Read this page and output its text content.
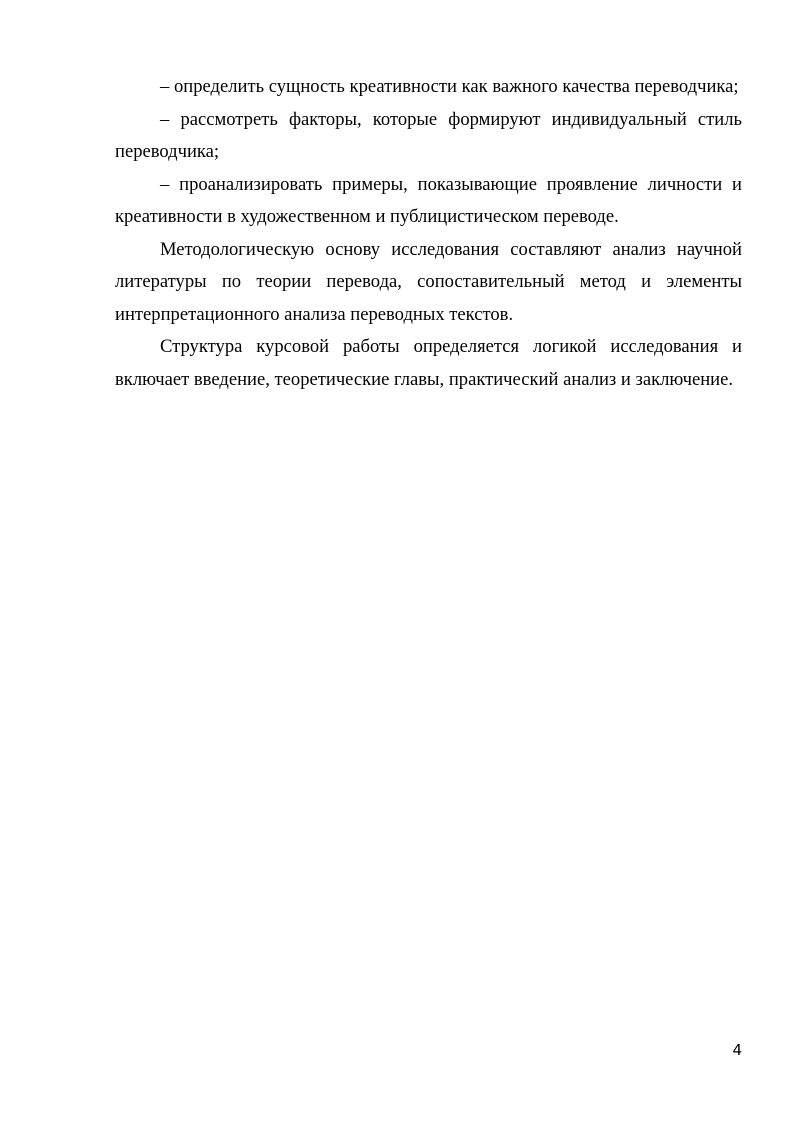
– определить сущность креативности как важного качества переводчика;

– рассмотреть факторы, которые формируют индивидуальный стиль переводчика;

– проанализировать примеры, показывающие проявление личности и креативности в художественном и публицистическом переводе.

Методологическую основу исследования составляют анализ научной литературы по теории перевода, сопоставительный метод и элементы интерпретационного анализа переводных текстов.

Структура курсовой работы определяется логикой исследования и включает введение, теоретические главы, практический анализ и заключение.

4
